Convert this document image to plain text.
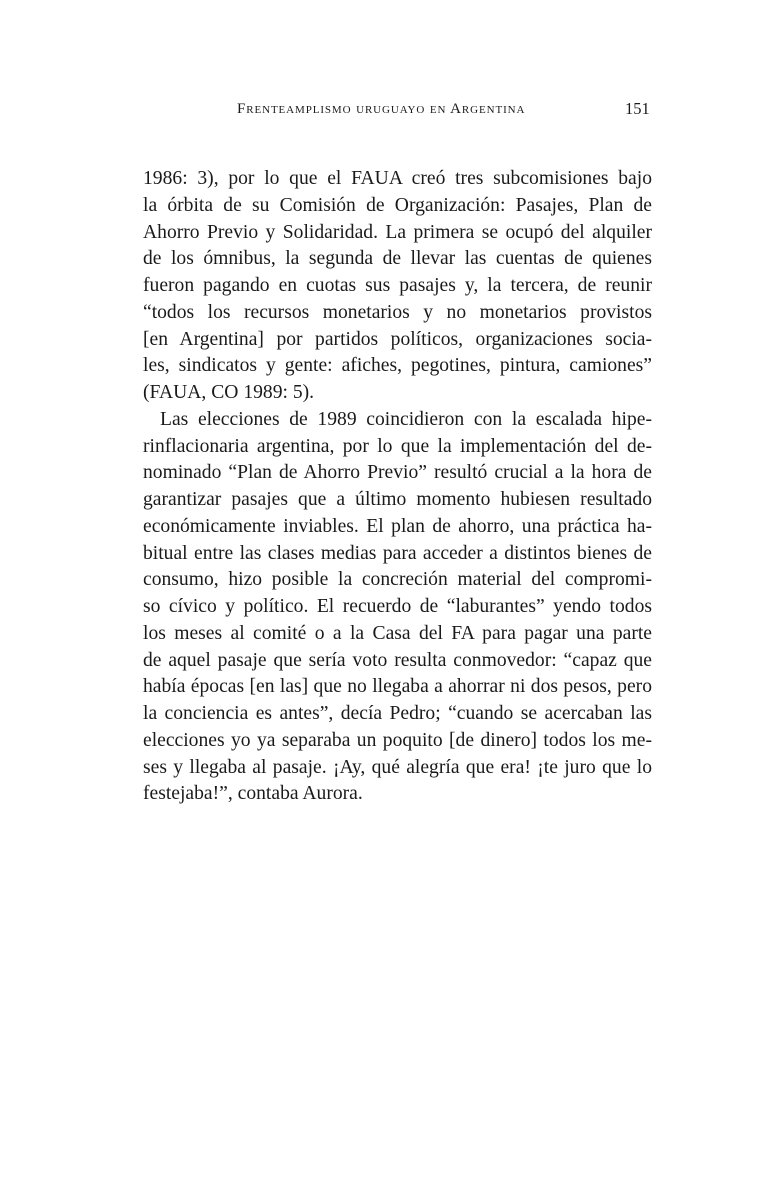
Frenteamplismo uruguayo en Argentina	151
1986: 3), por lo que el FAUA creó tres subcomisiones bajo
la órbita de su Comisión de Organización: Pasajes, Plan de
Ahorro Previo y Solidaridad. La primera se ocupó del alquiler
de los ómnibus, la segunda de llevar las cuentas de quienes
fueron pagando en cuotas sus pasajes y, la tercera, de reunir
“todos los recursos monetarios y no monetarios provistos
[en Argentina] por partidos políticos, organizaciones socia-
les, sindicatos y gente: afiches, pegotines, pintura, camiones”
(FAUA, CO 1989: 5).
Las elecciones de 1989 coincidieron con la escalada hipe-
rinflacionaria argentina, por lo que la implementación del de-
nominado “Plan de Ahorro Previo” resultó crucial a la hora de
garantizar pasajes que a último momento hubiesen resultado
económicamente inviables. El plan de ahorro, una práctica ha-
bitual entre las clases medias para acceder a distintos bienes de
consumo, hizo posible la concreción material del compromi-
so cívico y político. El recuerdo de “laburantes” yendo todos
los meses al comité o a la Casa del FA para pagar una parte
de aquel pasaje que sería voto resulta conmovedor: “capaz que
había épocas [en las] que no llegaba a ahorrar ni dos pesos, pero
la conciencia es antes”, decía Pedro; “cuando se acercaban las
elecciones yo ya separaba un poquito [de dinero] todos los me-
ses y llegaba al pasaje. ¡Ay, qué alegría que era! ¡te juro que lo
festejaba!”, contaba Aurora.
